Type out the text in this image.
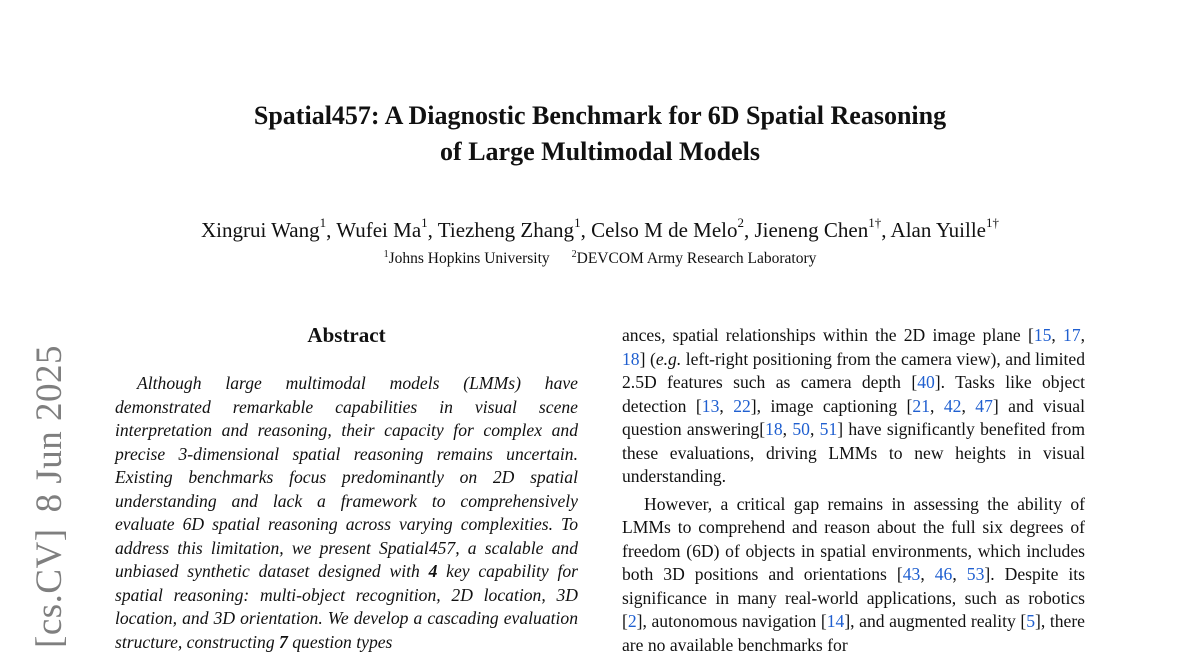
[cs.CV]8 Jun 2025
Spatial457: A Diagnostic Benchmark for 6D Spatial Reasoning
of Large Multimodal Models
Xingrui Wang$^1$, Wufei Ma$^1$, Tiezheng Zhang$^1$, Celso M de Melo$^2$, Jieneng Chen$^{1\dagger}$, Alan Yuille$^{1\dagger}$
$^1$Johns Hopkins University $^2$DEVCOM Army Research Laboratory
Abstract

Although large multimodal models (LMMs) have demonstrated remarkable capabilities in visual scene interpretation and reasoning, their capacity for complex and precise 3-dimensional spatial reasoning remains uncertain. Existing benchmarks focus predominantly on 2D spatial understanding and lack a framework to comprehensively evaluate 6D spatial reasoning across varying complexities. To address this limitation, we present Spatial457, a scalable and unbiased synthetic dataset designed with 4 key capability for spatial reasoning: multi-object recognition, 2D location, 3D location, and 3D orientation. We develop a cascading evaluation structure, constructing 7 question types

ances, spatial relationships within the 2D image plane [15, 17, 18] (e.g. left-right positioning from the camera view), and limited 2.5D features such as camera depth [40]. Tasks like object detection [13, 22], image captioning [21, 42, 47] and visual question answering[18, 50, 51] have significantly benefited from these evaluations, driving LMMs to new heights in visual understanding.

However, a critical gap remains in assessing the ability of LMMs to comprehend and reason about the full six degrees of freedom (6D) of objects in spatial environments, which includes both 3D positions and orientations [43, 46, 53]. Despite its significance in many real-world applications, such as robotics [2], autonomous navigation [14], and augmented reality [5], there are no available benchmarks for
